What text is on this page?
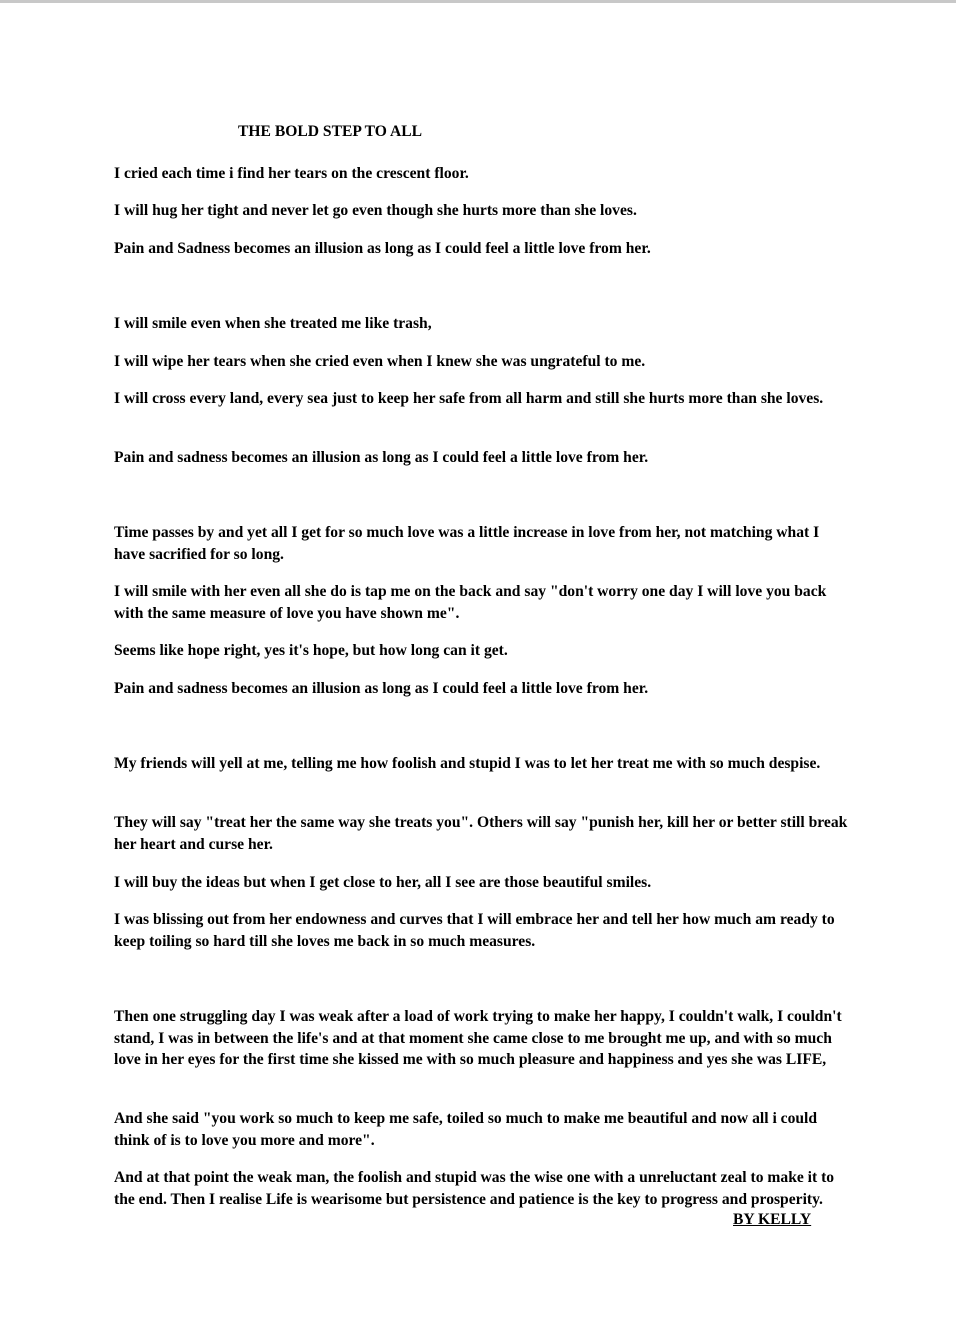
THE BOLD STEP TO ALL

I cried each time i find her tears on the crescent floor.

I will hug her tight and never let go even though she hurts more than she loves.

Pain and Sadness becomes an illusion as long as I could feel a little love from her.

I will smile even when she treated me like trash,

I will wipe her tears when she cried even when I knew she was ungrateful to me.

I will cross every land, every sea just to keep her safe from all harm and still she hurts more than she loves.

Pain and sadness becomes an illusion as long as I could feel a little love from her.

Time passes by and yet all I get for so much love was a little increase in love from her, not matching what I have sacrified for so long.

I will smile with her even all she do is tap me on the back and say "don't worry one day I will love you back with the same measure of love you have shown me".

Seems like hope right, yes it's hope, but how long can it get.

Pain and sadness becomes an illusion as long as I could feel a little love from her.

My friends will yell at me, telling me how foolish and stupid I was to let her treat me with so much despise.

They will say "treat her the same way she treats you". Others will say "punish her, kill her or better still break her heart and curse her.

I will buy the ideas but when I get close to her, all I see are those beautiful smiles.

I was blissing out from her endowness and curves that I will embrace her and tell her how much am ready to keep toiling so hard till she loves me back in so much measures.

Then one struggling day I was weak after a load of work trying to make her happy, I couldn't walk, I couldn't stand, I was in between the life's and at that moment she came close to me brought me up, and with so much love in her eyes for the first time she kissed me with so much pleasure and happiness and yes she was LIFE,

And she said "you work so much to keep me safe, toiled so much to make me beautiful and now all i could think of is to love you more and more".

And at that point the weak man, the foolish and stupid was the wise one with a unreluctant zeal to make it to the end. Then I realise Life is wearisome but persistence and patience is the key to progress and prosperity.

BY KELLY
